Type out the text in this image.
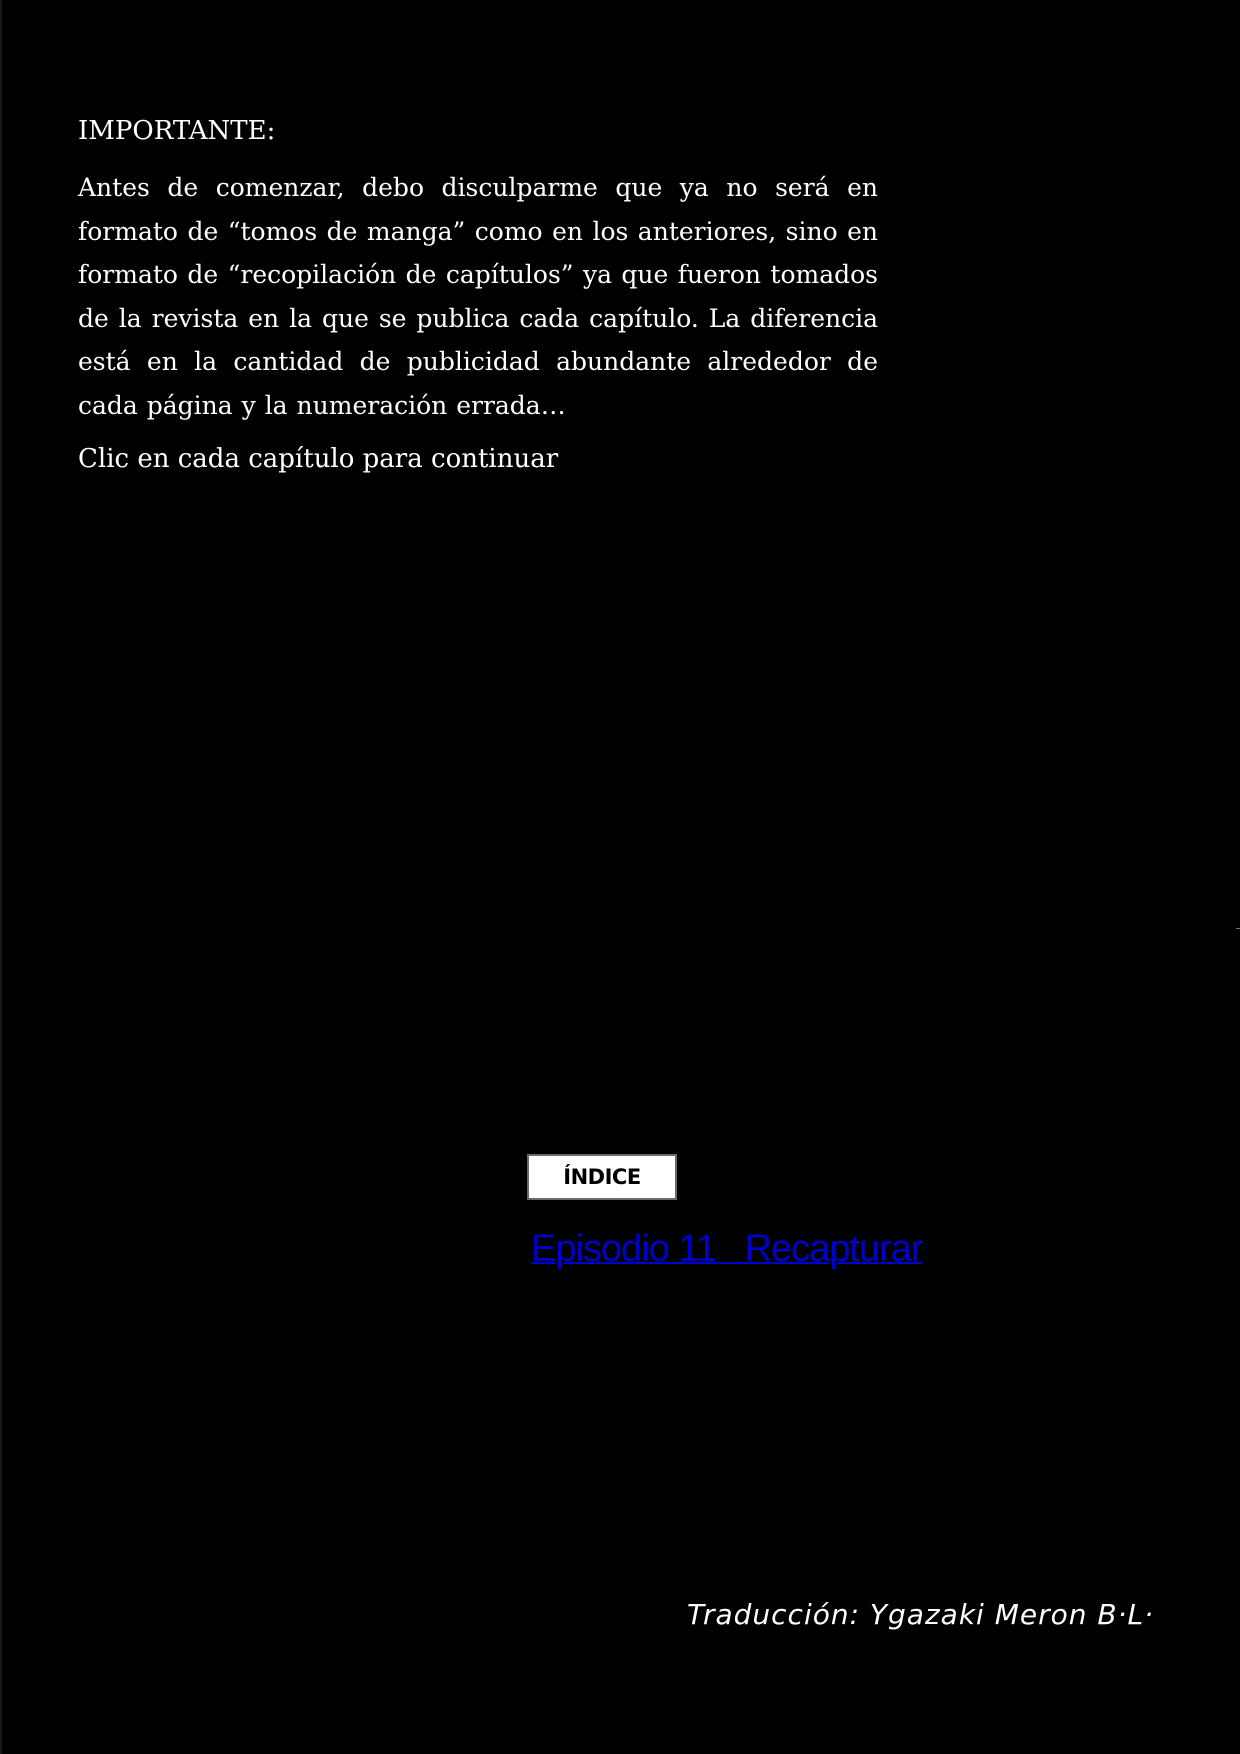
IMPORTANTE:

Antes de comenzar, debo disculparme que ya no será en formato de “tomos de manga” como en los anteriores, sino en formato de “recopilación de capítulos” ya que fueron tomados de la revista en la que se publica cada capítulo. La diferencia está en la cantidad de publicidad abundante alrededor de cada página y la numeración errada…

Clic en cada capítulo para continuar

ÍNDICE
Episodio 11   Recapturar

Traducción: Ygazaki Meron B·L·
